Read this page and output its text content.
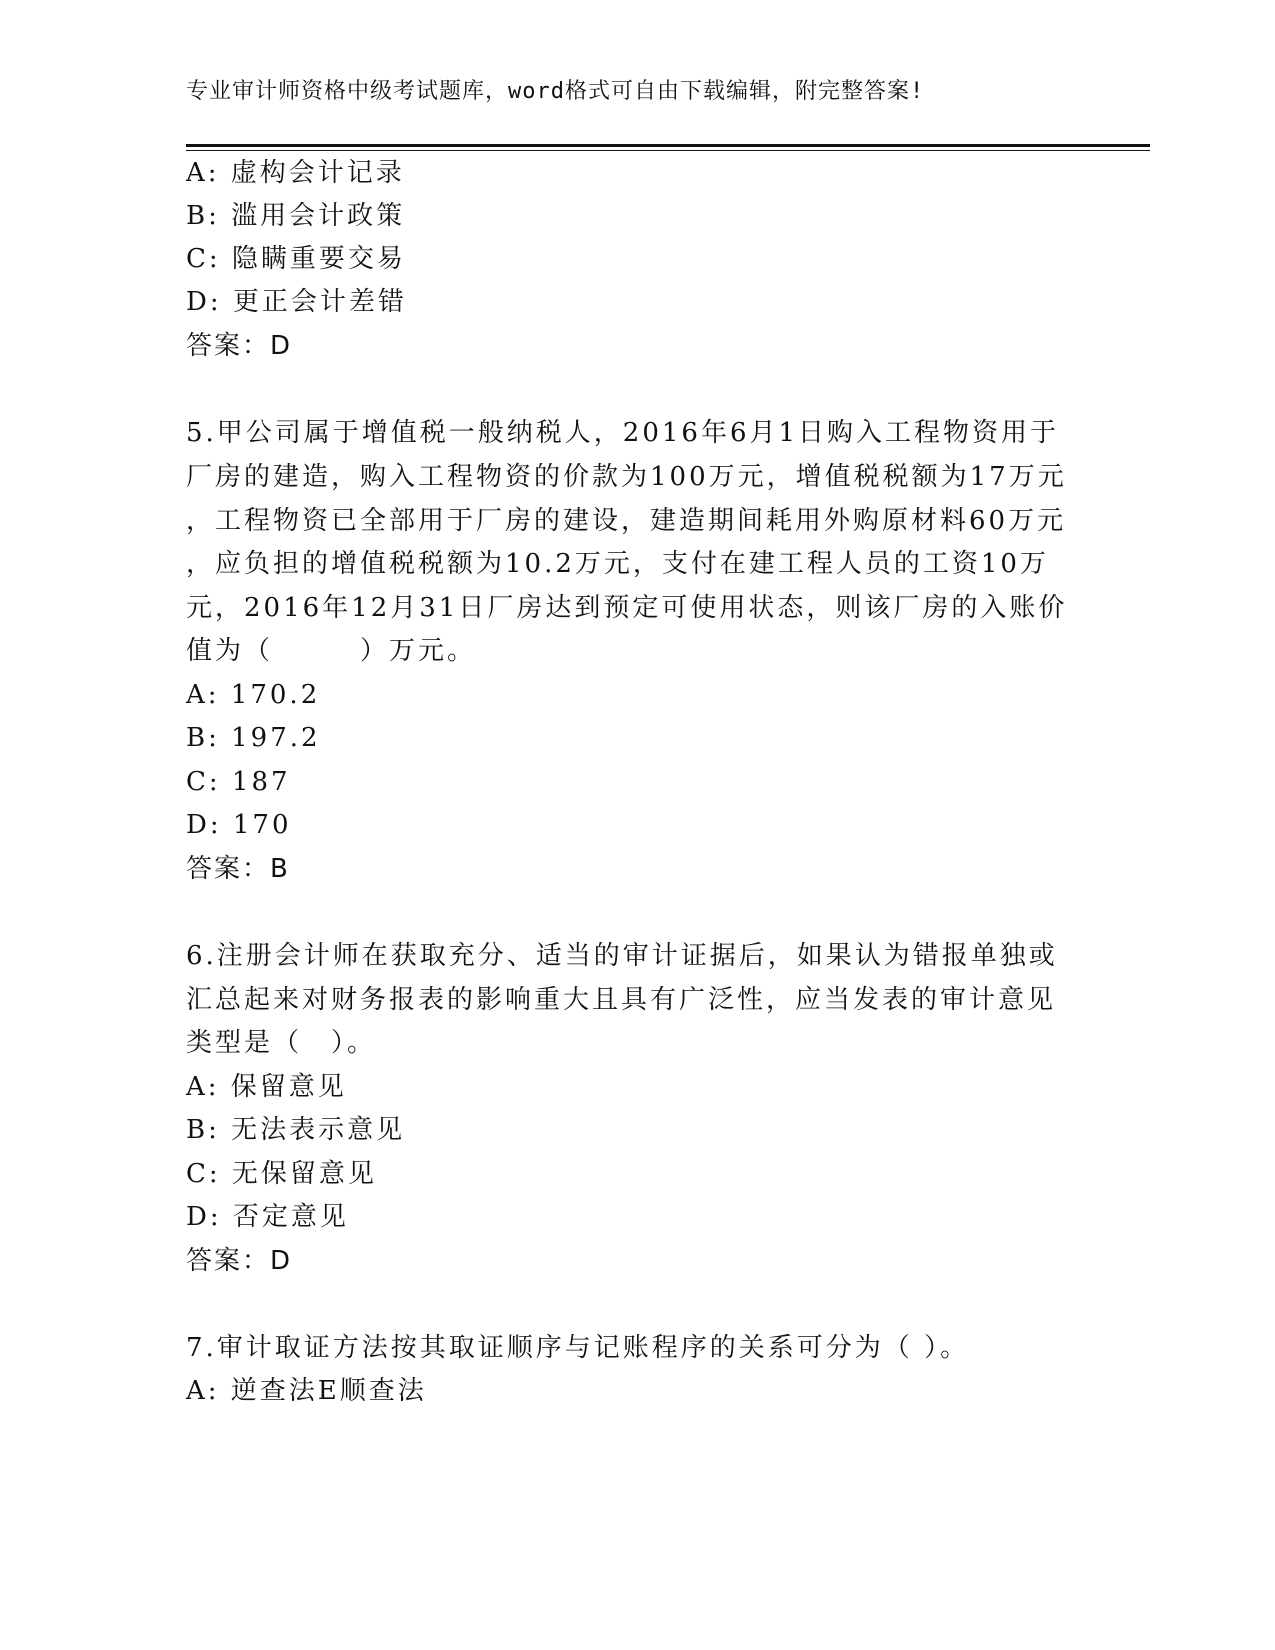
专业审计师资格中级考试题库，word格式可自由下载编辑，附完整答案!
A: 虚构会计记录
B: 滥用会计政策
C: 隐瞒重要交易
D: 更正会计差错
答案：D
5.甲公司属于增值税一般纳税人，2016年6月1日购入工程物资用于
厂房的建造，购入工程物资的价款为100万元，增值税税额为17万元
，工程物资已全部用于厂房的建设，建造期间耗用外购原材料60万元
，应负担的增值税税额为10.2万元，支付在建工程人员的工资10万
元，2016年12月31日厂房达到预定可使用状态，则该厂房的入账价
值为（　　　）万元。
A: 170.2
B: 197.2
C: 187
D: 170
答案：B
6.注册会计师在获取充分、适当的审计证据后，如果认为错报单独或
汇总起来对财务报表的影响重大且具有广泛性，应当发表的审计意见
类型是（　）。
A: 保留意见
B: 无法表示意见
C: 无保留意见
D: 否定意见
答案：D
7.审计取证方法按其取证顺序与记账程序的关系可分为（ ）。
A: 逆查法E顺查法
